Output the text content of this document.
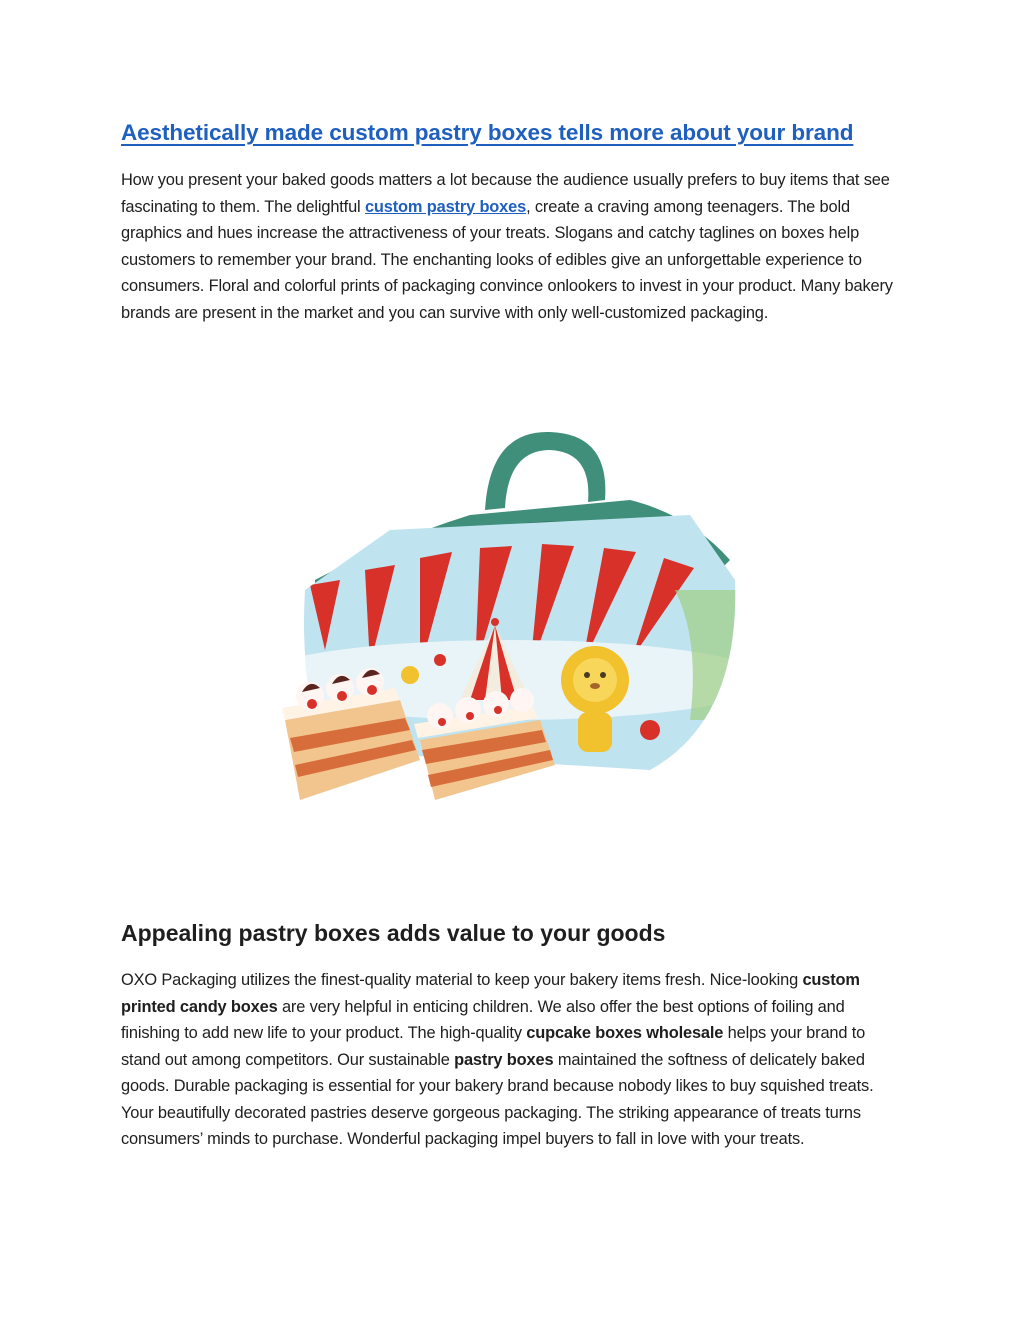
Aesthetically made custom pastry boxes tells more about your brand
How you present your baked goods matters a lot because the audience usually prefers to buy items that see fascinating to them. The delightful custom pastry boxes, create a craving among teenagers. The bold graphics and hues increase the attractiveness of your treats. Slogans and catchy taglines on boxes help customers to remember your brand. The enchanting looks of edibles give an unforgettable experience to consumers. Floral and colorful prints of packaging convince onlookers to invest in your product. Many bakery brands are present in the market and you can survive with only well-customized packaging.
Appealing pastry boxes adds value to your goods
OXO Packaging utilizes the finest-quality material to keep your bakery items fresh. Nice-looking custom printed candy boxes are very helpful in enticing children. We also offer the best options of foiling and finishing to add new life to your product. The high-quality cupcake boxes wholesale helps your brand to stand out among competitors. Our sustainable pastry boxes maintained the softness of delicately baked goods. Durable packaging is essential for your bakery brand because nobody likes to buy squished treats. Your beautifully decorated pastries deserve gorgeous packaging. The striking appearance of treats turns consumers’ minds to purchase. Wonderful packaging impel buyers to fall in love with your treats.
